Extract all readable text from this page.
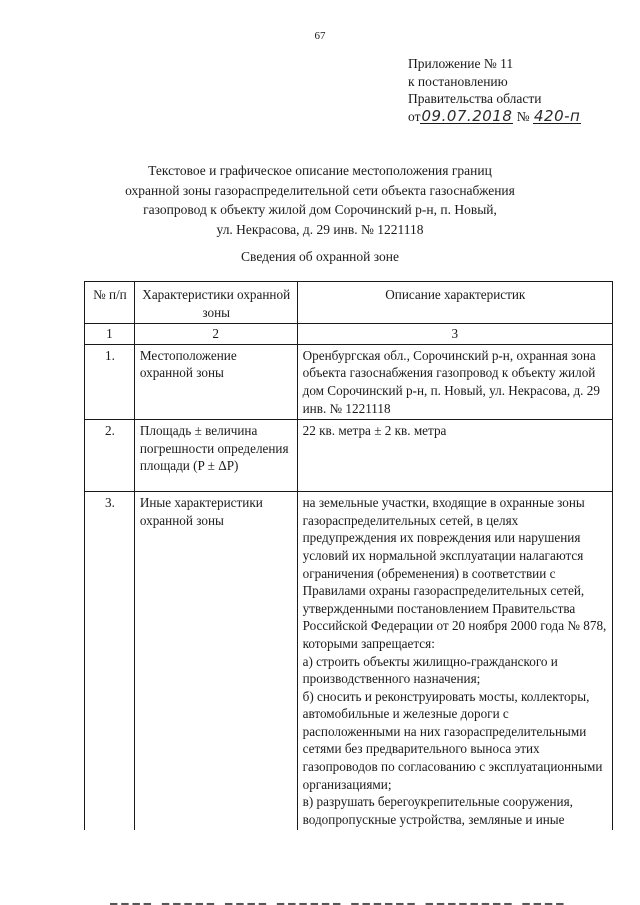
67
Приложение № 11
к постановлению
Правительства области
от09.07.2018 № 420-п
Текстовое и графическое описание местоположения границ
охранной зоны газораспределительной сети объекта газоснабжения
газопровод к объекту жилой дом Сорочинский р-н, п. Новый,
ул. Некрасова, д. 29 инв. № 1221118
Сведения об охранной зоне
№ п/п	Характеристики охранной зоны	Описание характеристик
1	2	3
1.	Местоположение охранной зоны	Оренбургская обл., Сорочинский р-н, охранная зона объекта газоснабжения газопровод к объекту жилой дом Сорочинский р-н, п. Новый, ул. Некрасова, д. 29 инв. № 1221118
2.	Площадь ± величина погрешности определения площади (P ± ΔP)	22 кв. метра ± 2 кв. метра
3.	Иные характеристики охранной зоны	на земельные участки, входящие в охранные зоны газораспределительных сетей, в целях предупреждения их повреждения или нарушения условий их нормальной эксплуатации налагаются ограничения (обременения) в соответствии с Правилами охраны газораспределительных сетей, утвержденными постановлением Правительства Российской Федерации от 20 ноября 2000 года № 878, которыми запрещается:
а) строить объекты жилищно-гражданского и производственного назначения;
б) сносить и реконструировать мосты, коллекторы, автомобильные и железные дороги с расположенными на них газораспределительными сетями без предварительного выноса этих газопроводов по согласованию с эксплуатационными организациями;
в) разрушать берегоукрепительные сооружения, водопропускные устройства, земляные и иные
━━━━ ━━━━━ ━━━━ ━━━━━━ ━━━━━━ ━━━━━━━━ ━━━━
